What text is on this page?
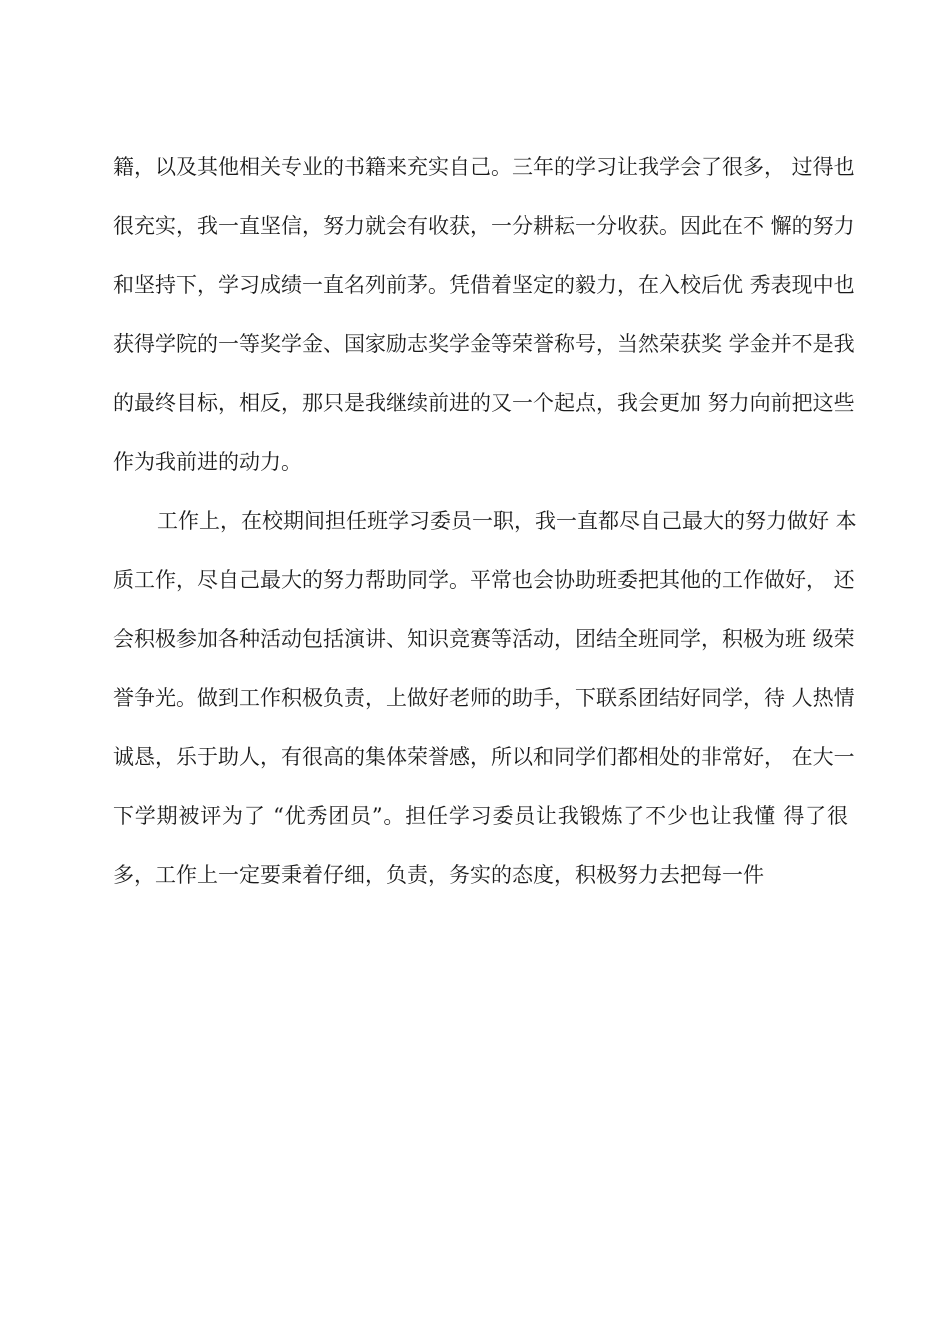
籍，以及其他相关专业的书籍来充实自己。三年的学习让我学会了很多， 过得也
很充实，我一直坚信，努力就会有收获，一分耕耘一分收获。因此在不 懈的努力
和坚持下，学习成绩一直名列前茅。凭借着坚定的毅力，在入校后优 秀表现中也
获得学院的一等奖学金、国家励志奖学金等荣誉称号，当然荣获奖 学金并不是我
的最终目标，相反，那只是我继续前进的又一个起点，我会更加 努力向前把这些
作为我前进的动力。
工作上，在校期间担任班学习委员一职，我一直都尽自己最大的努力做好 本
质工作，尽自己最大的努力帮助同学。平常也会协助班委把其他的工作做好， 还
会积极参加各种活动包括演讲、知识竞赛等活动，团结全班同学，积极为班 级荣
誉争光。做到工作积极负责，上做好老师的助手，下联系团结好同学，待 人热情
诚恳，乐于助人，有很高的集体荣誉感，所以和同学们都相处的非常好， 在大一
下学期被评为了 “优秀团员”。担任学习委员让我锻炼了不少也让我懂 得了很
多，工作上一定要秉着仔细，负责，务实的态度，积极努力去把每一件
